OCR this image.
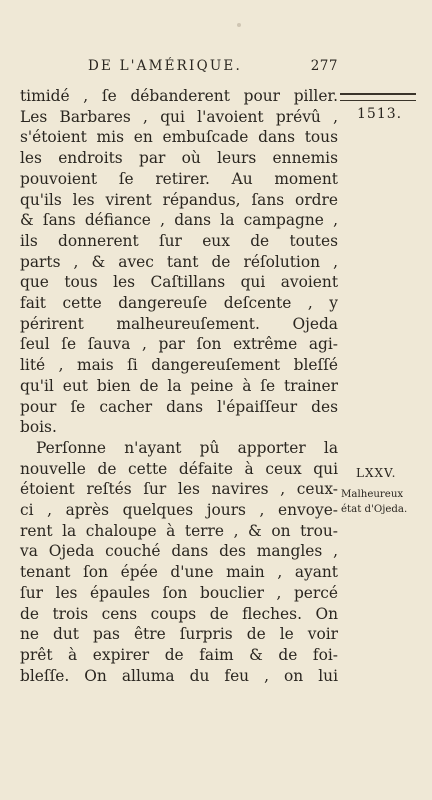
DE L'AMÉRIQUE.	277
1513.
LXXV.
Malheureux
état d'Ojeda.
timidé , ſe débanderent pour piller.
Les Barbares , qui l'avoient prévû ,
s'étoient mis en embuſcade dans tous
les endroits par où leurs ennemis
pouvoient ſe retirer. Au moment
qu'ils les virent répandus, ſans ordre
& ſans défiance , dans la campagne ,
ils donnerent ſur eux de toutes
parts , & avec tant de réſolution ,
que tous les Caſtillans qui avoient
fait cette dangereuſe deſcente , y
périrent malheureuſement. Ojeda
ſeul ſe ſauva , par ſon extrême agi-
lité , mais ſi dangereuſement bleſſé
qu'il eut bien de la peine à ſe trainer
pour ſe cacher dans l'épaiſſeur des
bois.
Perſonne n'ayant pû apporter la
nouvelle de cette défaite à ceux qui
étoient reſtés ſur les navires , ceux-
ci , après quelques jours , envoye-
rent la chaloupe à terre , & on trou-
va Ojeda couché dans des mangles ,
tenant ſon épée d'une main , ayant
ſur les épaules ſon bouclier , percé
de trois cens coups de fleches. On
ne dut pas être ſurpris de le voir
prêt à expirer de faim & de foi-
bleſſe. On alluma du feu , on lui
